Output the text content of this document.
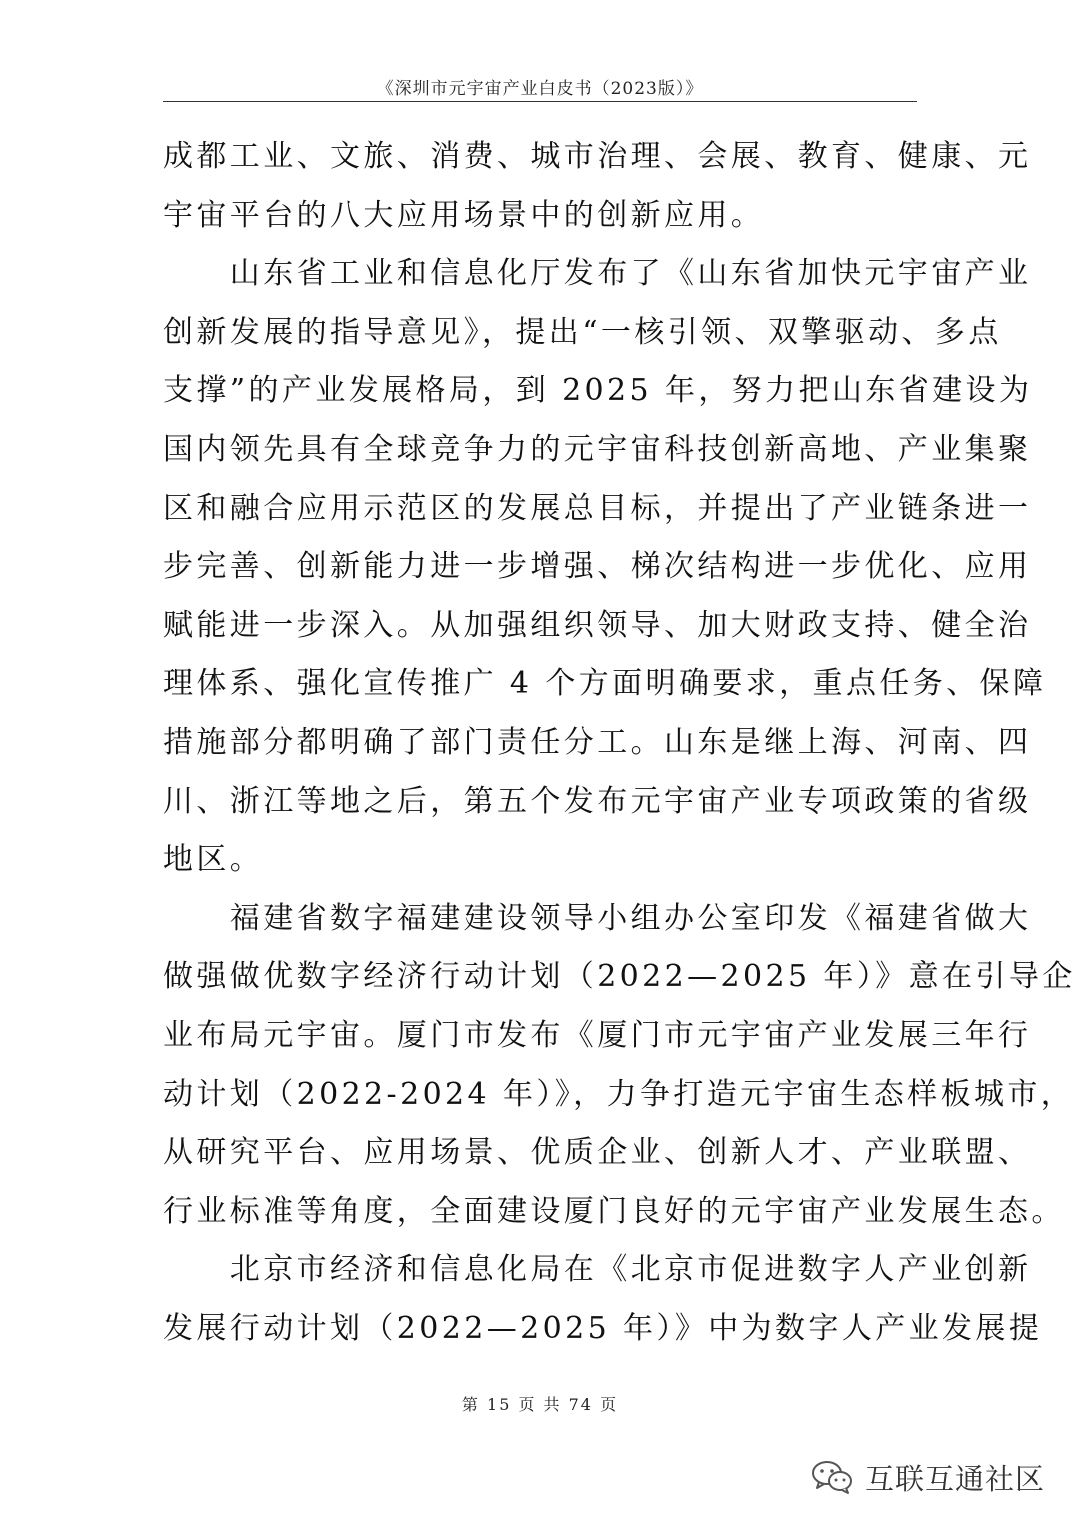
《深圳市元宇宙产业白皮书（2023版）》
成都工业、文旅、消费、城市治理、会展、教育、健康、元
宇宙平台的八大应用场景中的创新应用。
　　山东省工业和信息化厅发布了《山东省加快元宇宙产业
创新发展的指导意见》，提出“一核引领、双擎驱动、多点
支撑”的产业发展格局，到 2025 年，努力把山东省建设为
国内领先具有全球竞争力的元宇宙科技创新高地、产业集聚
区和融合应用示范区的发展总目标，并提出了产业链条进一
步完善、创新能力进一步增强、梯次结构进一步优化、应用
赋能进一步深入。从加强组织领导、加大财政支持、健全治
理体系、强化宣传推广 4 个方面明确要求，重点任务、保障
措施部分都明确了部门责任分工。山东是继上海、河南、四
川、浙江等地之后，第五个发布元宇宙产业专项政策的省级
地区。
　　福建省数字福建建设领导小组办公室印发《福建省做大
做强做优数字经济行动计划（2022—2025 年）》意在引导企
业布局元宇宙。厦门市发布《厦门市元宇宙产业发展三年行
动计划（2022-2024 年）》，力争打造元宇宙生态样板城市，
从研究平台、应用场景、优质企业、创新人才、产业联盟、
行业标准等角度，全面建设厦门良好的元宇宙产业发展生态。
　　北京市经济和信息化局在《北京市促进数字人产业创新
发展行动计划（2022—2025 年）》中为数字人产业发展提
第 15 页 共 74 页
互联互通社区
